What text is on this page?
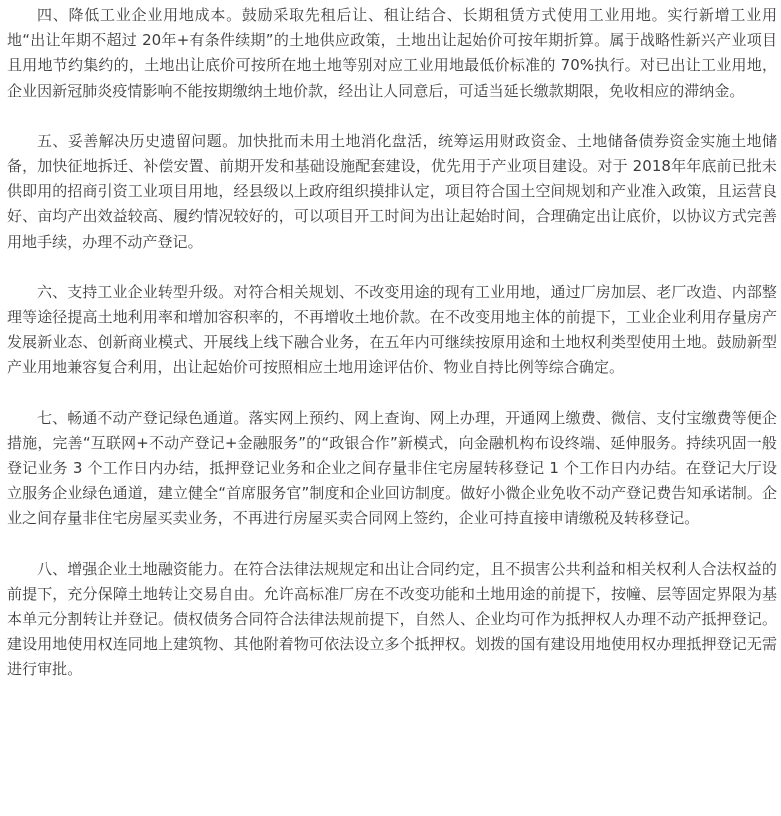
四、降低工业企业用地成本。鼓励采取先租后让、租让结合、长期租赁方式使用工业用地。实行新增工业用地“出让年期不超过 20年+有条件续期”的土地供应政策，土地出让起始价可按年期折算。属于战略性新兴产业项目且用地节约集约的，土地出让底价可按所在地土地等别对应工业用地最低价标准的 70%执行。对已出让工业用地，企业因新冠肺炎疫情影响不能按期缴纳土地价款，经出让人同意后，可适当延长缴款期限，免收相应的滞纳金。

五、妥善解决历史遗留问题。加快批而未用土地消化盘活，统筹运用财政资金、土地储备债券资金实施土地储备，加快征地拆迁、补偿安置、前期开发和基础设施配套建设，优先用于产业项目建设。对于 2018年年底前已批未供即用的招商引资工业项目用地，经县级以上政府组织摸排认定，项目符合国土空间规划和产业准入政策，且运营良好、亩均产出效益较高、履约情况较好的，可以项目开工时间为出让起始时间，合理确定出让底价，以协议方式完善用地手续，办理不动产登记。

六、支持工业企业转型升级。对符合相关规划、不改变用途的现有工业用地，通过厂房加层、老厂改造、内部整理等途径提高土地利用率和增加容积率的，不再增收土地价款。在不改变用地主体的前提下，工业企业利用存量房产发展新业态、创新商业模式、开展线上线下融合业务，在五年内可继续按原用途和土地权利类型使用土地。鼓励新型产业用地兼容复合利用，出让起始价可按照相应土地用途评估价、物业自持比例等综合确定。

七、畅通不动产登记绿色通道。落实网上预约、网上查询、网上办理，开通网上缴费、微信、支付宝缴费等便企措施，完善“互联网+不动产登记+金融服务”的“政银合作”新模式，向金融机构布设终端、延伸服务。持续巩固一般登记业务 3 个工作日内办结，抵押登记业务和企业之间存量非住宅房屋转移登记 1 个工作日内办结。在登记大厅设立服务企业绿色通道，建立健全“首席服务官”制度和企业回访制度。做好小微企业免收不动产登记费告知承诺制。企业之间存量非住宅房屋买卖业务，不再进行房屋买卖合同网上签约，企业可持直接申请缴税及转移登记。

八、增强企业土地融资能力。在符合法律法规规定和出让合同约定，且不损害公共利益和相关权利人合法权益的前提下，充分保障土地转让交易自由。允许高标准厂房在不改变功能和土地用途的前提下，按幢、层等固定界限为基本单元分割转让并登记。债权债务合同符合法律法规前提下，自然人、企业均可作为抵押权人办理不动产抵押登记。建设用地使用权连同地上建筑物、其他附着物可依法设立多个抵押权。划拨的国有建设用地使用权办理抵押登记无需进行审批。
